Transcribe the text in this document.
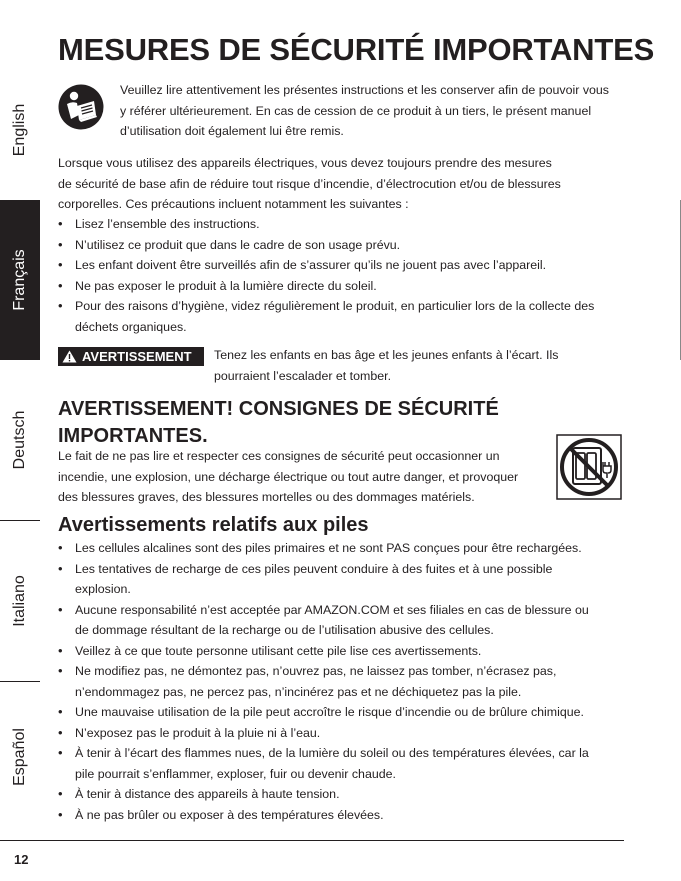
English
Français
Deutsch
Italiano
Español
MESURES DE SÉCURITÉ IMPORTANTES
Veuillez lire attentivement les présentes instructions et les conserver afin de pouvoir vous
y référer ultérieurement. En cas de cession de ce produit à un tiers, le présent manuel
d’utilisation doit également lui être remis.
Lorsque vous utilisez des appareils électriques, vous devez toujours prendre des mesures
de sécurité de base afin de réduire tout risque d’incendie, d’électrocution et/ou de blessures
corporelles. Ces précautions incluent notamment les suivantes :
• Lisez l’ensemble des instructions.
• N’utilisez ce produit que dans le cadre de son usage prévu.
• Les enfant doivent être surveillés afin de s’assurer qu’ils ne jouent pas avec l’appareil.
• Ne pas exposer le produit à la lumière directe du soleil.
• Pour des raisons d’hygiène, videz régulièrement le produit, en particulier lors de la collecte des
déchets organiques.
AVERTISSEMENT Tenez les enfants en bas âge et les jeunes enfants à l’écart. Ils
pourraient l’escalader et tomber.
AVERTISSEMENT! CONSIGNES DE SÉCURITÉ
IMPORTANTES.
Le fait de ne pas lire et respecter ces consignes de sécurité peut occasionner un
incendie, une explosion, une décharge électrique ou tout autre danger, et provoquer
des blessures graves, des blessures mortelles ou des dommages matériels.
Avertissements relatifs aux piles
• Les cellules alcalines sont des piles primaires et ne sont PAS conçues pour être rechargées.
• Les tentatives de recharge de ces piles peuvent conduire à des fuites et à une possible
explosion.
• Aucune responsabilité n’est acceptée par AMAZON.COM et ses filiales en cas de blessure ou
de dommage résultant de la recharge ou de l’utilisation abusive des cellules.
• Veillez à ce que toute personne utilisant cette pile lise ces avertissements.
• Ne modifiez pas, ne démontez pas, n’ouvrez pas, ne laissez pas tomber, n’écrasez pas,
n’endommagez pas, ne percez pas, n’incinérez pas et ne déchiquetez pas la pile.
• Une mauvaise utilisation de la pile peut accroître le risque d’incendie ou de brûlure chimique.
• N’exposez pas le produit à la pluie ni à l’eau.
• À tenir à l’écart des flammes nues, de la lumière du soleil ou des températures élevées, car la
pile pourrait s’enflammer, exploser, fuir ou devenir chaude.
• À tenir à distance des appareils à haute tension.
• À ne pas brûler ou exposer à des températures élevées.
12
